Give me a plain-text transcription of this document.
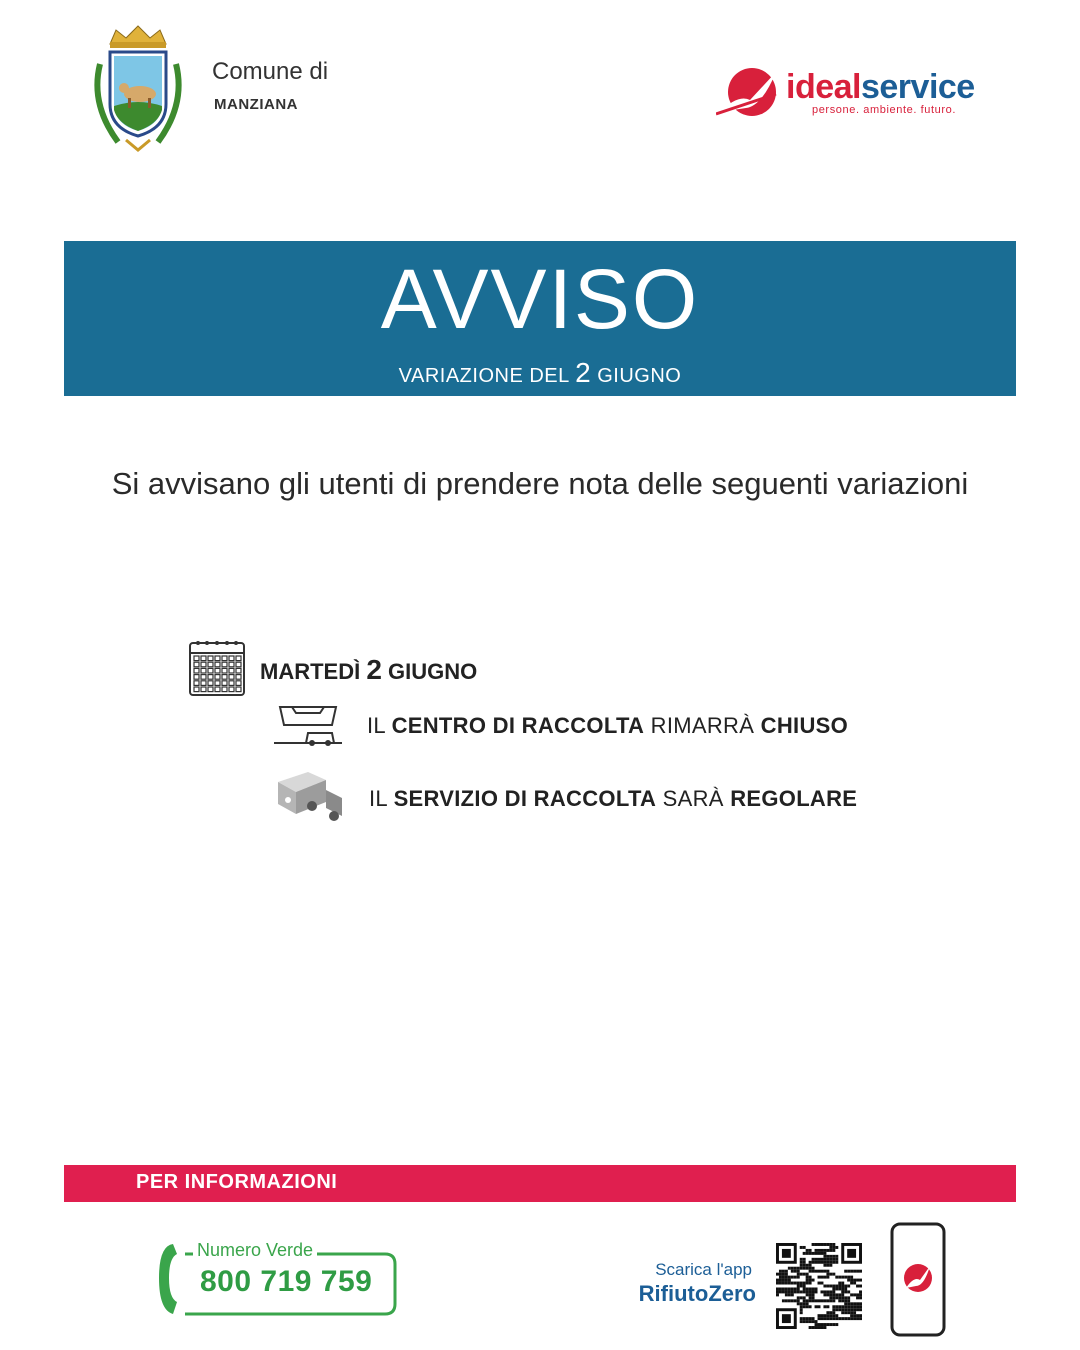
Comune di
MANZIANA	idealservice
persone. ambiente. futuro.
AVVISO
VARIAZIONE DEL 2 GIUGNO
Si avvisano gli utenti di prendere nota delle seguenti variazioni
MARTEDÌ 2 GIUGNO
IL CENTRO DI RACCOLTA RIMARRÀ CHIUSO
IL SERVIZIO DI RACCOLTA SARÀ REGOLARE
PER INFORMAZIONI
Numero Verde
800 719 759	Scarica l'app
RifiutoZero
